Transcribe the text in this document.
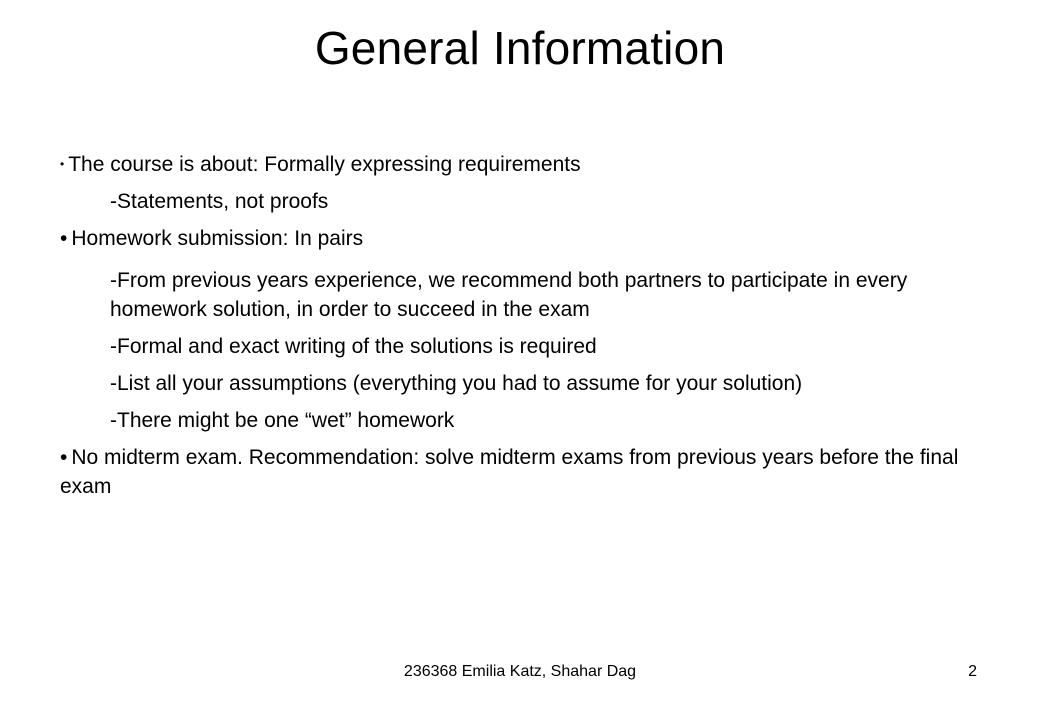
General Information

• The course is about: Formally expressing requirements

-Statements, not proofs

• Homework submission: In pairs

-From previous years experience, we recommend both partners to participate in every homework solution, in order to succeed in the exam

-Formal and exact writing of the solutions is required

-List all your assumptions (everything you had to assume for your solution)

-There might be one “wet” homework

• No midterm exam. Recommendation: solve midterm exams from previous years before the final exam

236368 Emilia Katz, Shahar Dag	2
